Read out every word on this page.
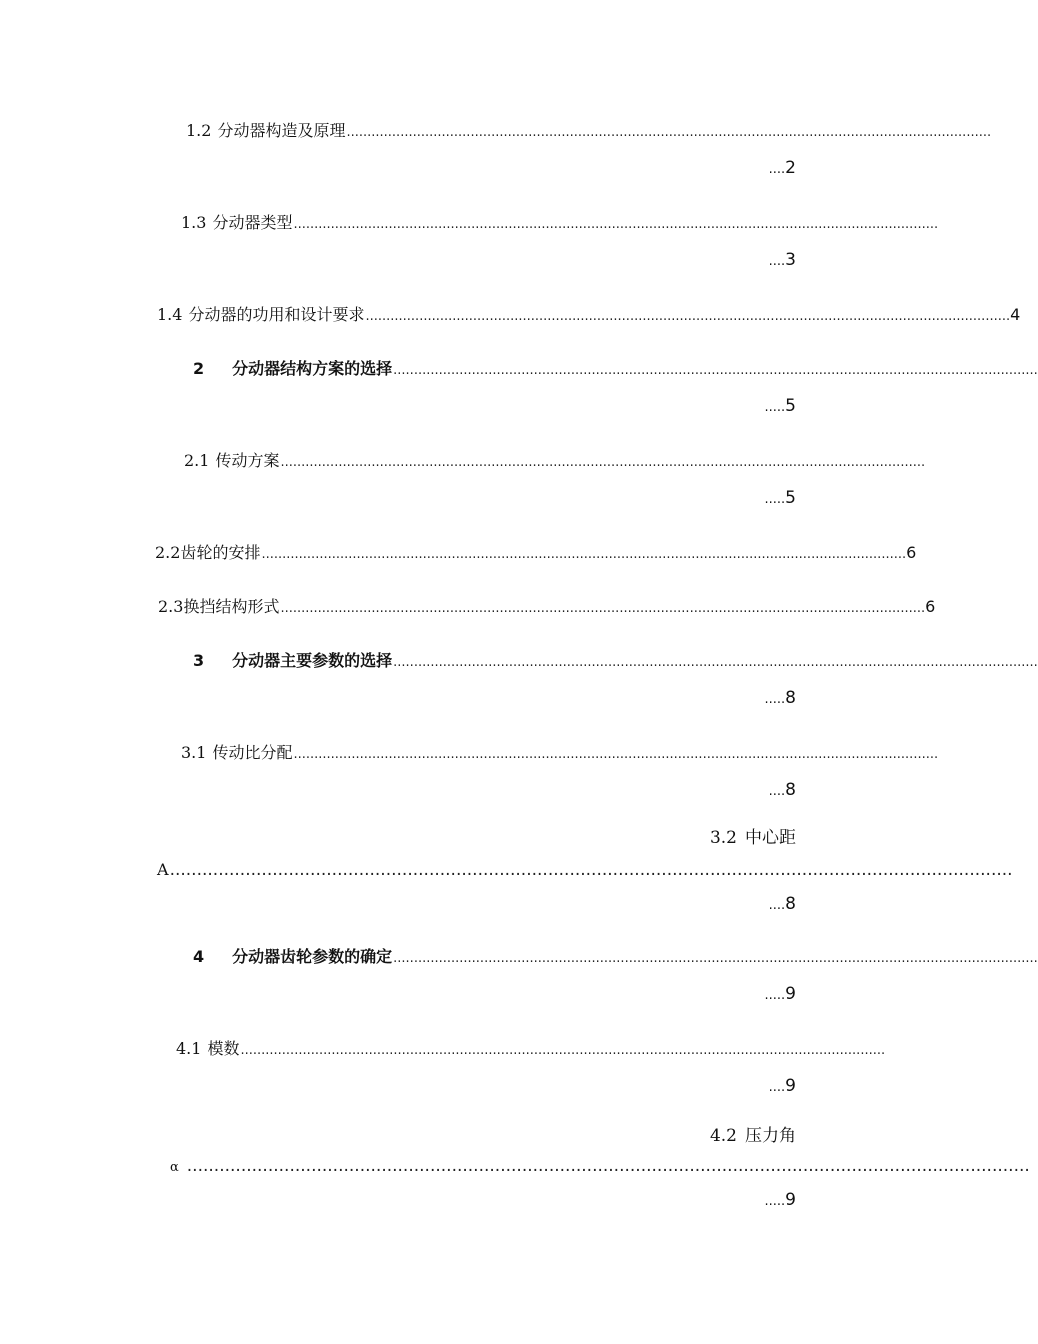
1.2 分动器构造及原理 ............................................................................................................................................................
....2
1.3 分动器类型 ............................................................................................................................................................
....3
1.4 分动器的功用和设计要求 ............................................................................................................................................................ 4
2	分动器结构方案的选择 ............................................................................................................................................................
.....5
2.1 传动方案 ............................................................................................................................................................
.....5
2.2 齿轮的安排 ............................................................................................................................................................ 6
2.3 换挡结构形式 ............................................................................................................................................................ 6
3	分动器主要参数的选择 ............................................................................................................................................................
.....8
3.1 传动比分配 ............................................................................................................................................................
....8
3.2 中心距
A ............................................................................................................................................................
....8
4	分动器齿轮参数的确定 ............................................................................................................................................................
.....9
4.1 模数 ............................................................................................................................................................
....9
4.2 压力角
α ............................................................................................................................................................
.....9
